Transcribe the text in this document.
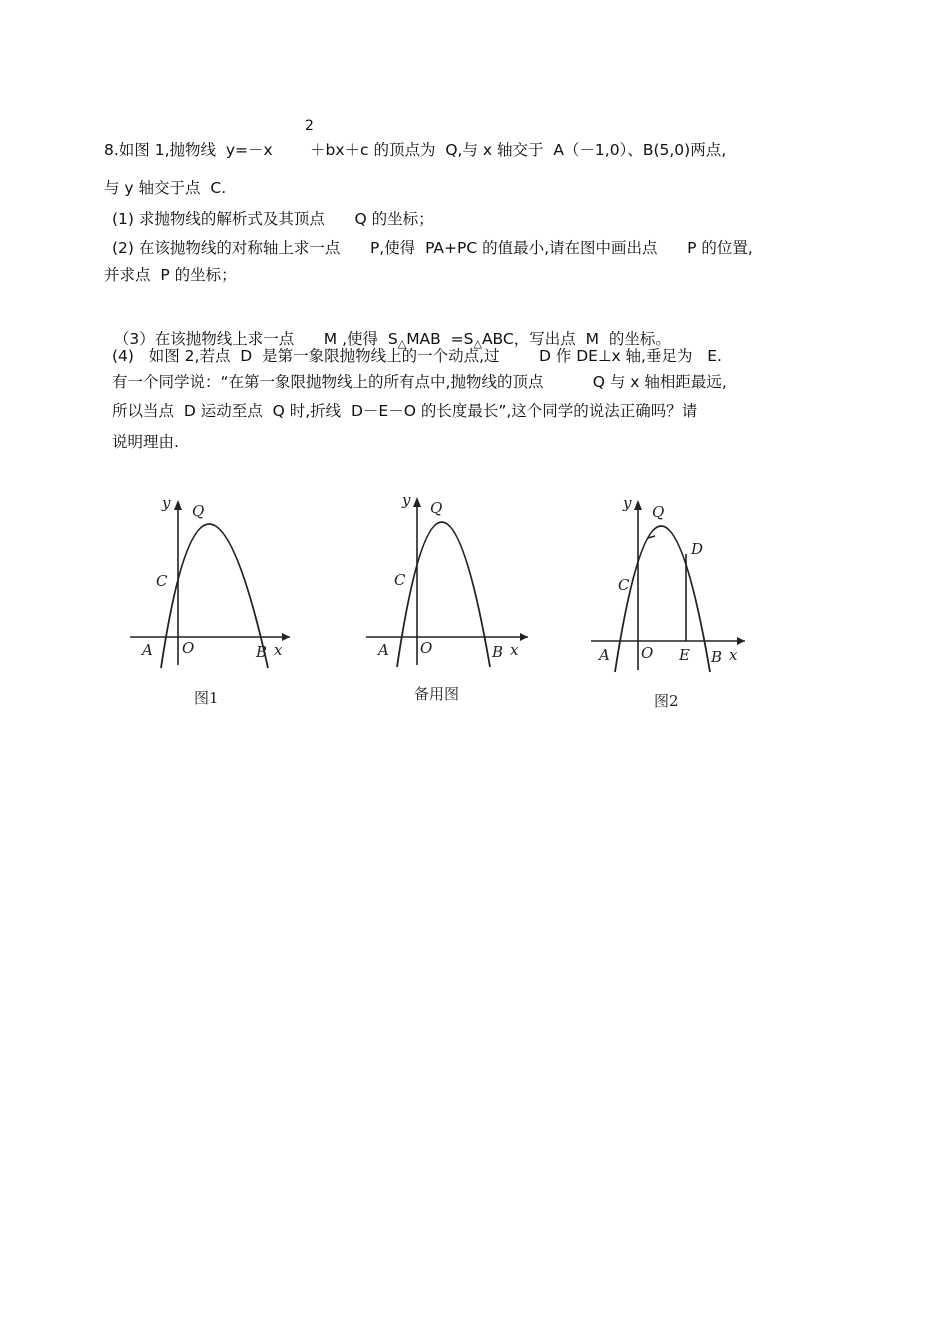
2
8.如图 1,抛物线  y=－x ＋bx＋c 的顶点为  Q,与 x 轴交于  A（－1,0）、B(5,0)两点,
与 y 轴交于点  C.
(1) 求抛物线的解析式及其顶点      Q 的坐标；
(2) 在该抛物线的对称轴上求一点      P,使得  PA+PC 的值最小,请在图中画出点      P 的位置,
并求点  P 的坐标；

（3）在该抛物线上求一点      M ,使得  $S_\triangle MAB =S_\triangle ABC$，写出点  M  的坐标。

(4)   如图 2,若点  D  是第一象限抛物线上的一个动点,过        D 作 DE⊥x 轴,垂足为   E.
有一个同学说：“在第一象限抛物线上的所有点中,抛物线的顶点          Q 与 x 轴相距最远,
所以当点  D 运动至点  Q 时,折线  D－E－O 的长度最长”,这个同学的说法正确吗？请
说明理由.
y Q
C
A O	B x
图1
y Q
C
A O	B x
备用图
y Q
D
C
A O E B x
图2
